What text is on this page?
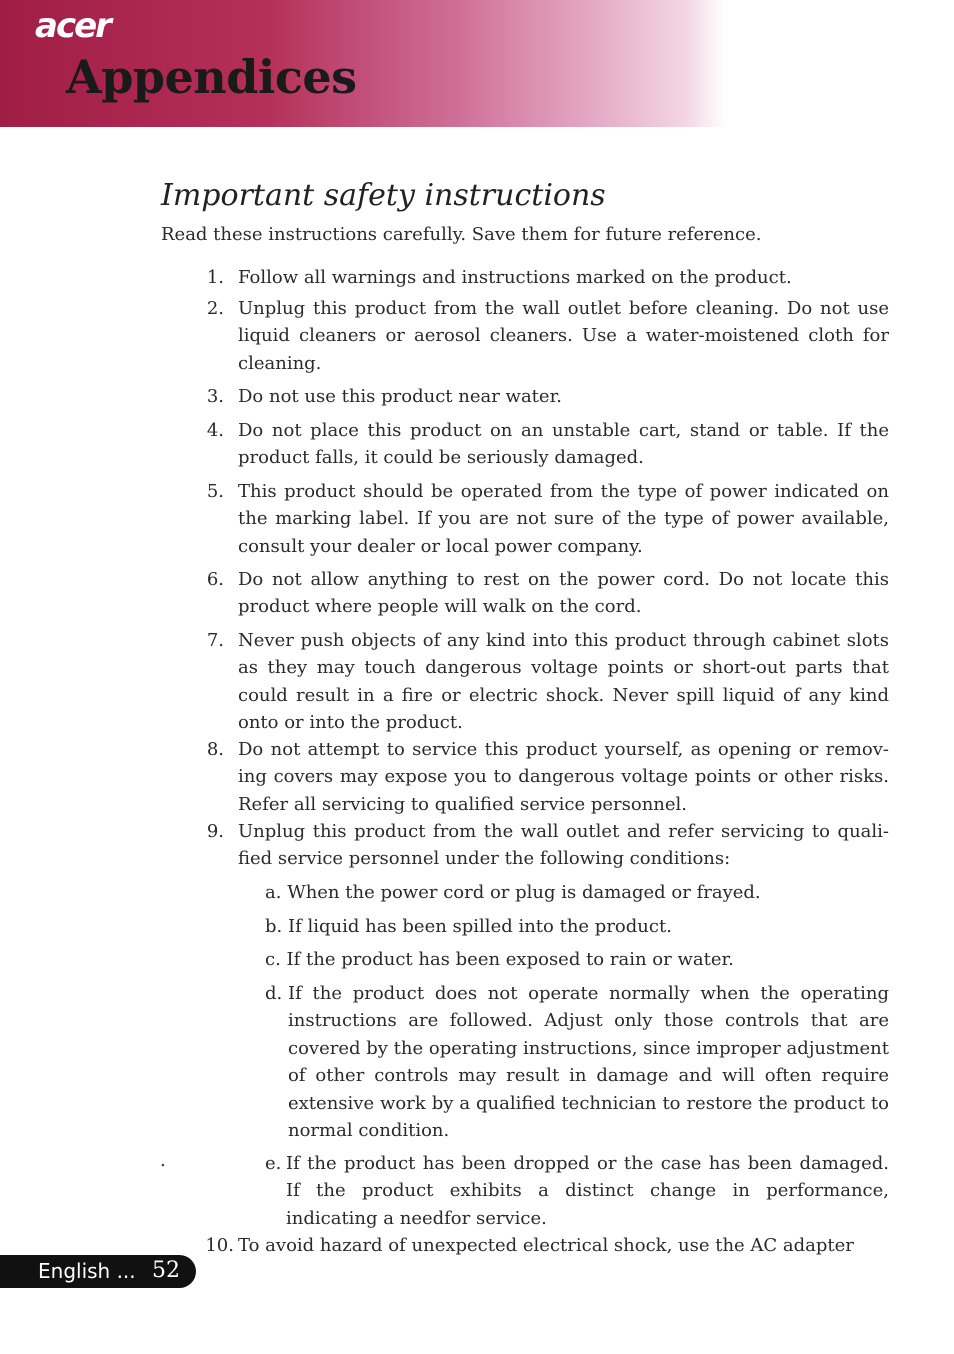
acer
Appendices
Important safety instructions
Read these instructions carefully. Save them for future reference.
1. Follow all warnings and instructions marked on the product.
2. Unplug this product from the wall outlet before cleaning. Do not use liquid cleaners or aerosol cleaners. Use a water-moistened cloth for cleaning.
3. Do not use this product near water.
4. Do not place this product on an unstable cart, stand or table. If the product falls, it could be seriously damaged.
5. This product should be operated from the type of power indicated on the marking label. If you are not sure of the type of power available, consult your dealer or local power company.
6. Do not allow anything to rest on the power cord. Do not locate this product where people will walk on the cord.
7. Never push objects of any kind into this product through cabinet slots as they may touch dangerous voltage points or short-out parts that could result in a fire or electric shock. Never spill liquid of any kind onto or into the product.
8. Do not attempt to service this product yourself, as opening or remov-ing covers may expose you to dangerous voltage points or other risks. Refer all servicing to qualified service personnel.
9. Unplug this product from the wall outlet and refer servicing to quali-fied service personnel under the following conditions:
a. When the power cord or plug is damaged or frayed.
b. If liquid has been spilled into the product.
c. If the product has been exposed to rain or water.
d. If the product does not operate normally when the operating instructions are followed. Adjust only those controls that are covered by the operating instructions, since improper adjustment of other controls may result in damage and will often require extensive work by a qualified technician to restore the product to normal condition.
.	e. If the product has been dropped or the case has been damaged. If the product exhibits a distinct change in performance, indicating a needfor service.
10. To avoid hazard of unexpected electrical shock, use the AC adapter
English ... 52
